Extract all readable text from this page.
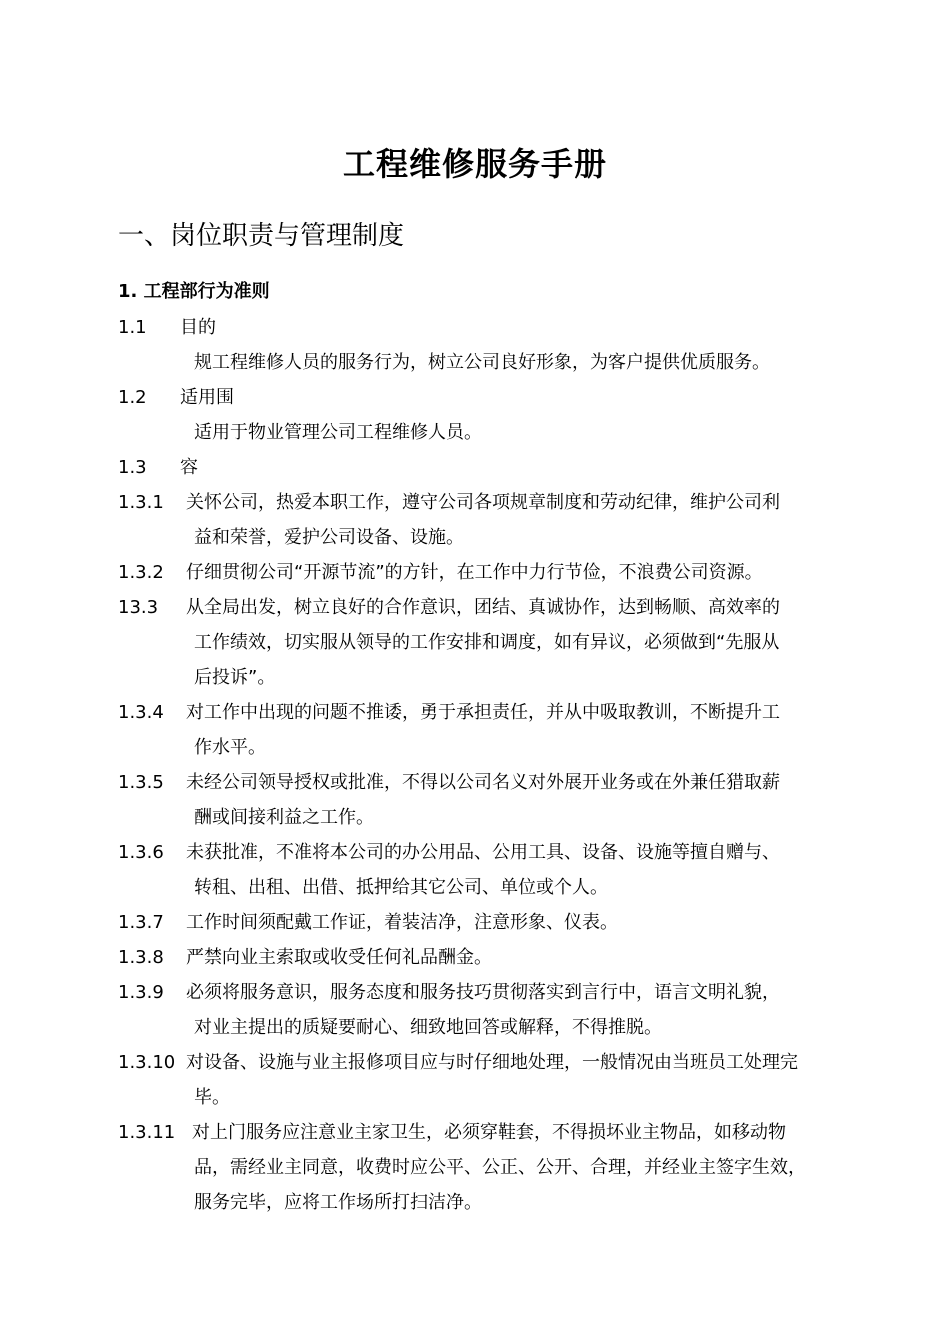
工程维修服务手册
一、岗位职责与管理制度
1. 工程部行为准则
1.1 目的
规工程维修人员的服务行为，树立公司良好形象，为客户提供优质服务。
1.2 适用围
适用于物业管理公司工程维修人员。
1.3 容
1.3.1 关怀公司，热爱本职工作，遵守公司各项规章制度和劳动纪律，维护公司利
益和荣誉，爱护公司设备、设施。
1.3.2 仔细贯彻公司“开源节流”的方针，在工作中力行节俭，不浪费公司资源。
13.3 从全局出发，树立良好的合作意识，团结、真诚协作，达到畅顺、高效率的
工作绩效，切实服从领导的工作安排和调度，如有异议，必须做到“先服从
后投诉”。
1.3.4 对工作中出现的问题不推诿，勇于承担责任，并从中吸取教训，不断提升工
作水平。
1.3.5 未经公司领导授权或批准，不得以公司名义对外展开业务或在外兼任猎取薪
酬或间接利益之工作。
1.3.6 未获批准，不准将本公司的办公用品、公用工具、设备、设施等擅自赠与、
转租、出租、出借、抵押给其它公司、单位或个人。
1.3.7 工作时间须配戴工作证，着装洁净，注意形象、仪表。
1.3.8 严禁向业主索取或收受任何礼品酬金。
1.3.9 必须将服务意识，服务态度和服务技巧贯彻落实到言行中，语言文明礼貌，
对业主提出的质疑要耐心、细致地回答或解释，不得推脱。
1.3.10 对设备、设施与业主报修项目应与时仔细地处理，一般情况由当班员工处理完
毕。
1.3.11 对上门服务应注意业主家卫生，必须穿鞋套，不得损坏业主物品，如移动物
品，需经业主同意，收费时应公平、公正、公开、合理，并经业主签字生效，
服务完毕，应将工作场所打扫洁净。
